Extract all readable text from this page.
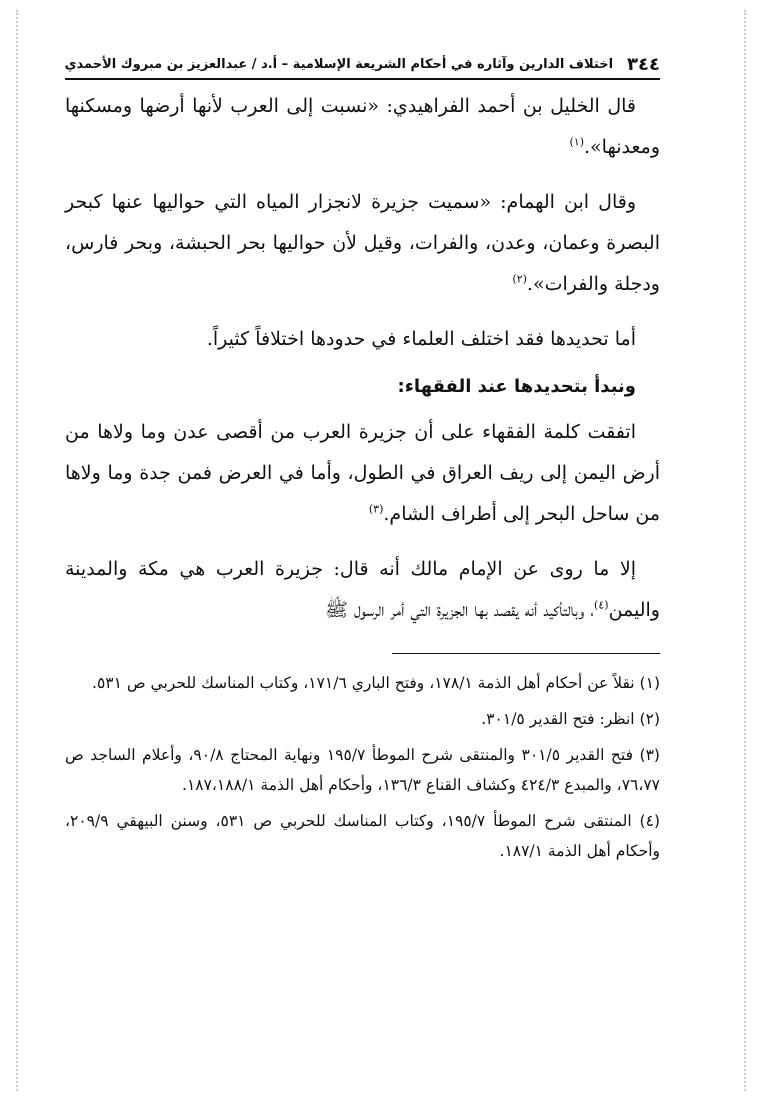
٣٤٤
اختلاف الدارين وآثاره في أحكام الشريعة الإسلامية – أ.د / عبدالعزيز بن مبروك الأحمدي

قال الخليل بن أحمد الفراهيدي: «نسبت إلى العرب لأنها أرضها ومسكنها ومعدنها».$^{(١)}$

وقال ابن الهمام: «سميت جزيرة لانجزار المياه التي حواليها عنها كبحر البصرة وعمان، وعدن، والفرات، وقيل لأن حواليها بحر الحبشة، وبحر فارس، ودجلة والفرات».$^{(٢)}$

أما تحديدها فقد اختلف العلماء في حدودها اختلافاً كثيراً.

ونبدأ بتحديدها عند الفقهاء:

اتفقت كلمة الفقهاء على أن جزيرة العرب من أقصى عدن وما ولاها من أرض اليمن إلى ريف العراق في الطول، وأما في العرض فمن جدة وما ولاها من ساحل البحر إلى أطراف الشام.$^{(٣)}$

إلا ما روى عن الإمام مالك أنه قال: جزيرة العرب هي مكة والمدينة واليمن$^{(٤)}$، وبالتأكيد أنه يقصد بها الجزيرة التي أمر الرسول ﷺ

(١) نقلاً عن أحكام أهل الذمة ١٧٨/١، وفتح الباري ١٧١/٦، وكتاب المناسك للحربي ص ٥٣١.

(٢) انظر: فتح القدير ٣٠١/٥.

(٣) فتح القدير ٣٠١/٥ والمنتقى شرح الموطأ ١٩٥/٧ ونهاية المحتاج ٩٠/٨، وأعلام الساجد ص ٧٦،٧٧، والمبدع ٤٢٤/٣ وكشاف القناع ١٣٦/٣، وأحكام أهل الذمة ١٨٧،١٨٨/١.

(٤) المنتقى شرح الموطأ ١٩٥/٧، وكتاب المناسك للحربي ص ٥٣١، وسنن البيهقي ٢٠٩/٩، وأحكام أهل الذمة ١٨٧/١.
